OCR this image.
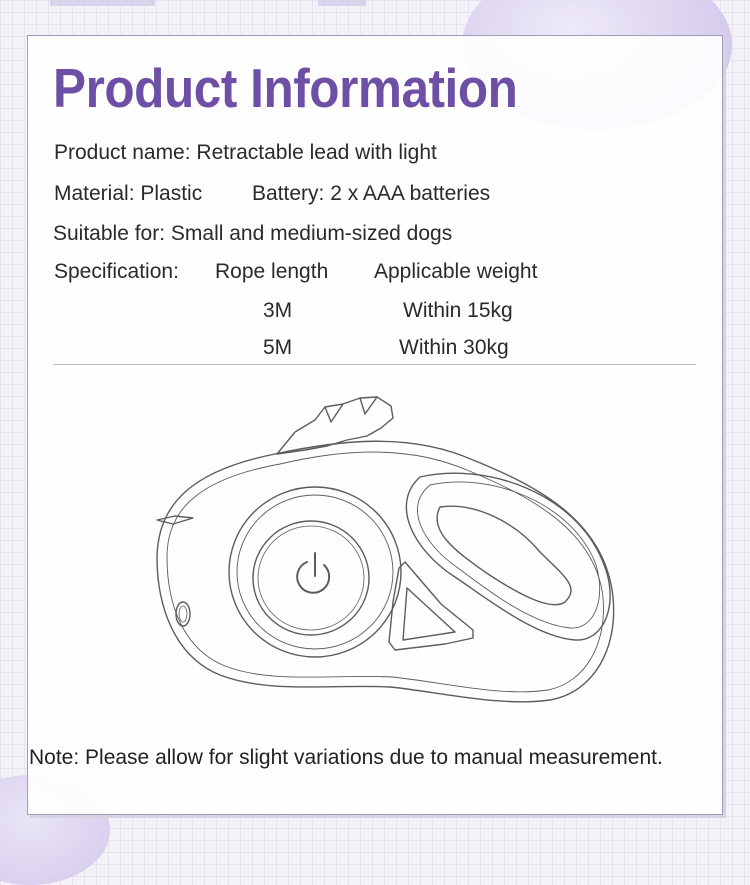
Product Information
Product name: Retractable lead with light
Material: Plastic Battery: 2 x AAA batteries
Suitable for: Small and medium-sized dogs
Specification: Rope length Applicable weight
3M	Within 15kg
5M	Within 30kg
Note: Please allow for slight variations due to manual measurement.
